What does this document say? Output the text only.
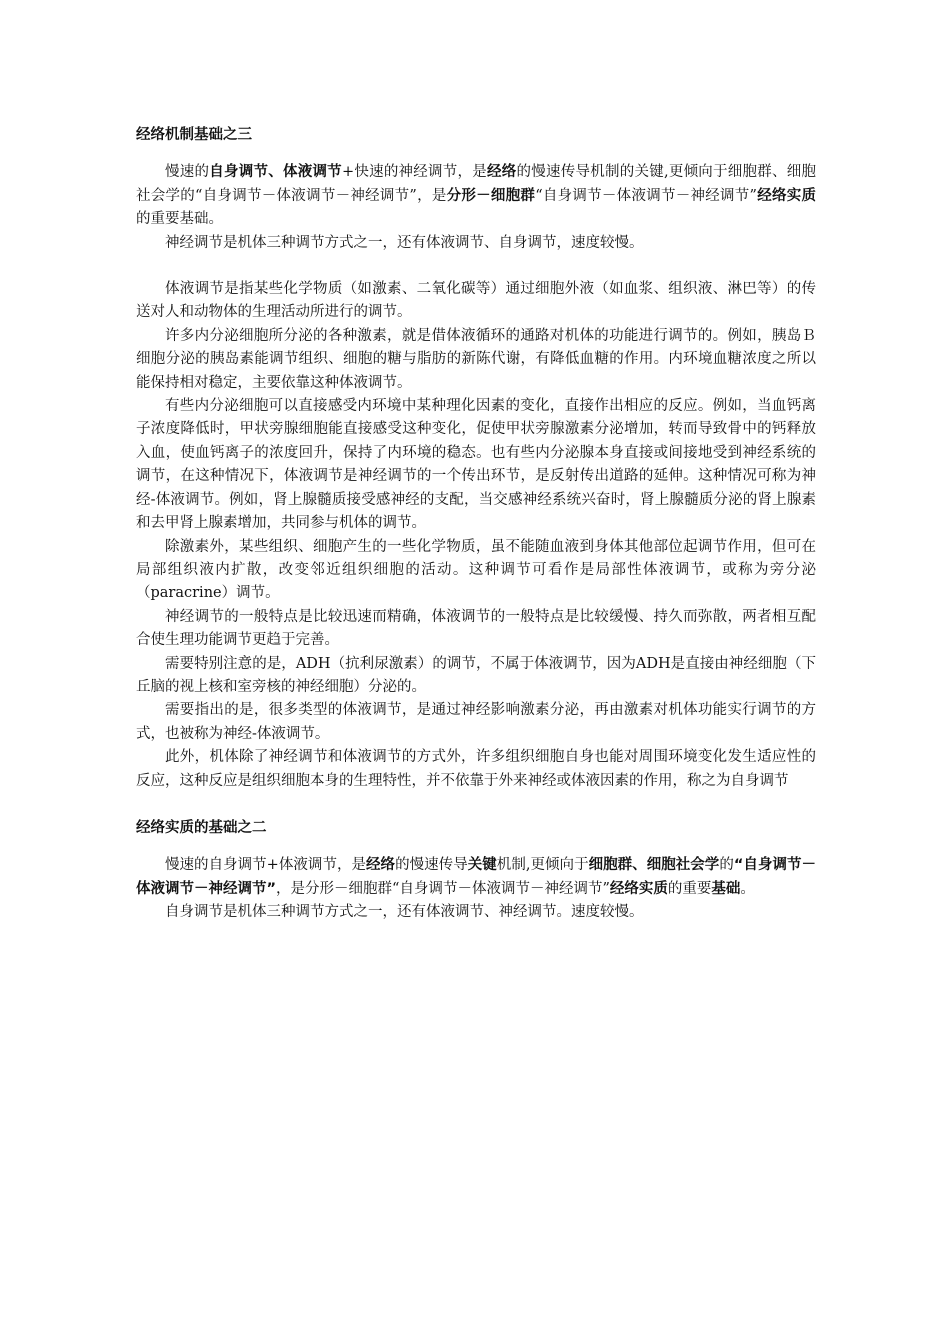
经络机制基础之三

慢速的自身调节、体液调节+快速的神经调节，是经络的慢速传导机制的关键,更倾向于细胞群、细胞社会学的“自身调节－体液调节－神经调节”，是分形－细胞群“自身调节－体液调节－神经调节”经络实质的重要基础。

神经调节是机体三种调节方式之一，还有体液调节、自身调节，速度较慢。

体液调节是指某些化学物质（如激素、二氧化碳等）通过细胞外液（如血浆、组织液、淋巴等）的传送对人和动物体的生理活动所进行的调节。

许多内分泌细胞所分泌的各种激素，就是借体液循环的通路对机体的功能进行调节的。例如，胰岛Ｂ细胞分泌的胰岛素能调节组织、细胞的糖与脂肪的新陈代谢，有降低血糖的作用。内环境血糖浓度之所以能保持相对稳定，主要依靠这种体液调节。

有些内分泌细胞可以直接感受内环境中某种理化因素的变化，直接作出相应的反应。例如，当血钙离子浓度降低时，甲状旁腺细胞能直接感受这种变化，促使甲状旁腺激素分泌增加，转而导致骨中的钙释放入血，使血钙离子的浓度回升，保持了内环境的稳态。也有些内分泌腺本身直接或间接地受到神经系统的调节，在这种情况下，体液调节是神经调节的一个传出环节，是反射传出道路的延伸。这种情况可称为神经-体液调节。例如，肾上腺髓质接受感神经的支配，当交感神经系统兴奋时，肾上腺髓质分泌的肾上腺素和去甲肾上腺素增加，共同参与机体的调节。

除激素外，某些组织、细胞产生的一些化学物质，虽不能随血液到身体其他部位起调节作用，但可在局部组织液内扩散，改变邻近组织细胞的活动。这种调节可看作是局部性体液调节，或称为旁分泌（paracrine）调节。

神经调节的一般特点是比较迅速而精确，体液调节的一般特点是比较缓慢、持久而弥散，两者相互配合使生理功能调节更趋于完善。

需要特别注意的是，ADH（抗利尿激素）的调节，不属于体液调节，因为ADH是直接由神经细胞（下丘脑的视上核和室旁核的神经细胞）分泌的。

需要指出的是，很多类型的体液调节，是通过神经影响激素分泌，再由激素对机体功能实行调节的方式，也被称为神经-体液调节。

此外，机体除了神经调节和体液调节的方式外，许多组织细胞自身也能对周围环境变化发生适应性的反应，这种反应是组织细胞本身的生理特性，并不依靠于外来神经或体液因素的作用，称之为自身调节

经络实质的基础之二

慢速的自身调节+体液调节，是经络的慢速传导关键机制,更倾向于细胞群、细胞社会学的“自身调节－体液调节－神经调节”，是分形－细胞群“自身调节－体液调节－神经调节”经络实质的重要基础。

自身调节是机体三种调节方式之一，还有体液调节、神经调节。速度较慢。
